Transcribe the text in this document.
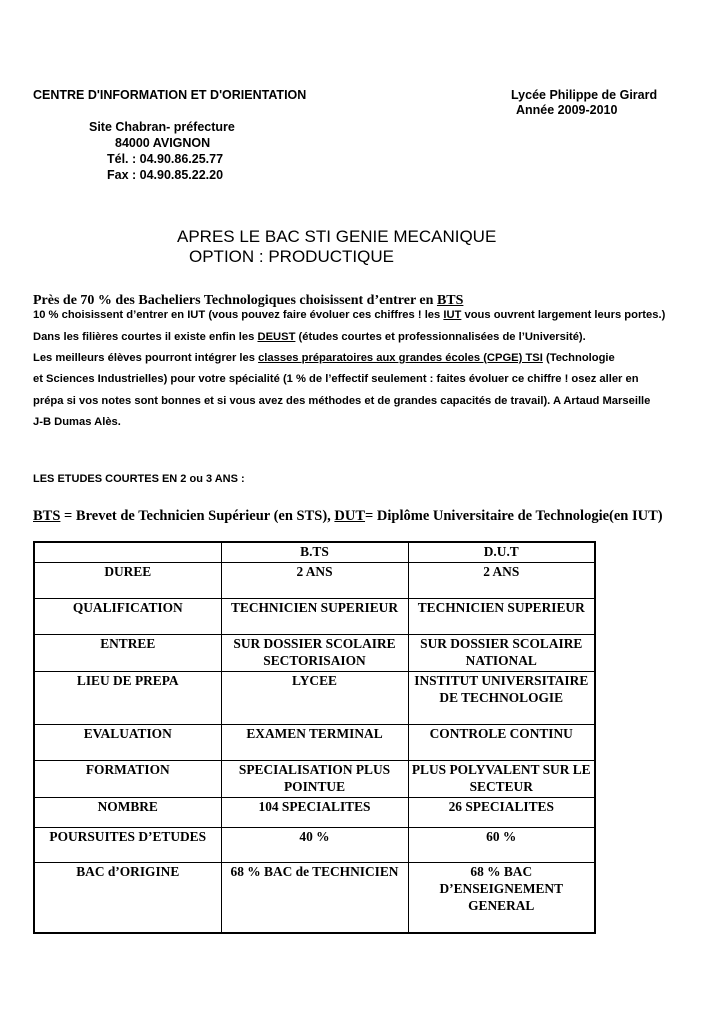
CENTRE D'INFORMATION ET D'ORIENTATION	Lycée Philippe de Girard
Année 2009-2010
Site Chabran- préfecture
84000 AVIGNON
Tél. : 04.90.86.25.77
Fax : 04.90.85.22.20
APRES LE BAC STI GENIE MECANIQUE
OPTION : PRODUCTIQUE
Près de 70 % des Bacheliers Technologiques choisissent d’entrer en BTS
10 % choisissent d’entrer en IUT (vous pouvez faire évoluer ces chiffres ! les IUT vous ouvrent largement leurs portes.)
Dans les filières courtes il existe enfin les DEUST (études courtes et professionnalisées de l’Université).
Les meilleurs élèves pourront intégrer les classes préparatoires aux grandes écoles (CPGE) TSI (Technologie
et Sciences Industrielles) pour votre spécialité (1 % de l’effectif seulement : faites évoluer ce chiffre ! osez aller en
prépa si vos notes sont bonnes et si vous avez des méthodes et de grandes capacités de travail). A Artaud Marseille
J-B Dumas Alès.
LES ETUDES COURTES EN 2 ou 3 ANS :
BTS = Brevet de Technicien Supérieur (en STS), DUT= Diplôme Universitaire de Technologie(en IUT)
	B.TS	D.U.T
DUREE	2 ANS	2 ANS
QUALIFICATION	TECHNICIEN SUPERIEUR	TECHNICIEN SUPERIEUR
ENTREE	SUR DOSSIER SCOLAIRE SECTORISAION	SUR DOSSIER SCOLAIRE NATIONAL
LIEU DE PREPA	LYCEE	INSTITUT UNIVERSITAIRE DE TECHNOLOGIE
EVALUATION	EXAMEN TERMINAL	CONTROLE CONTINU
FORMATION	SPECIALISATION PLUS POINTUE	PLUS POLYVALENT SUR LE SECTEUR
NOMBRE	104 SPECIALITES	26 SPECIALITES
POURSUITES D’ETUDES	40 %	60 %
BAC d’ORIGINE	68 % BAC de TECHNICIEN	68 % BAC D’ENSEIGNEMENT GENERAL
